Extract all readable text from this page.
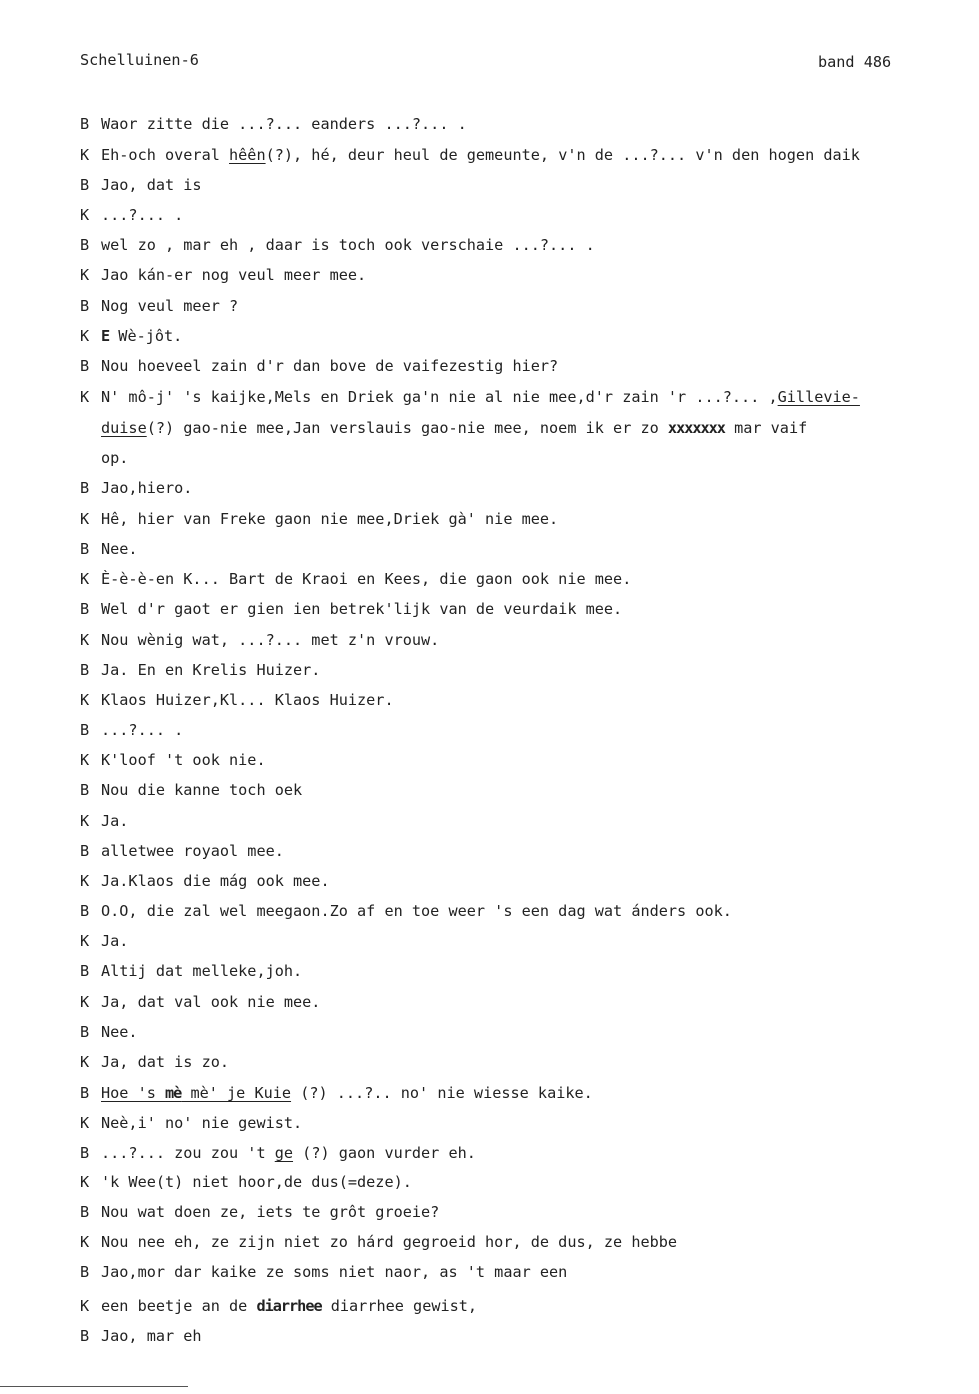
Schelluinen-6	band 486
B Waor zitte die ...?... eanders ...?... .
K Eh-och overal hêên(?), hé, deur heul de gemeunte, v'n de ...?... v'n den hogen daik
B Jao, dat is
K ...?... .
B wel zo , mar eh , daar is toch ook verschaie ...?... .
K Jao kán-er nog veul meer mee.
B Nog veul meer ?
K E Wè-jôt.
B Nou hoeveel zain d'r dan bove de vaifezestig hier?
K N' mô-j' 's kaijke,Mels en Driek ga'n nie al nie mee,d'r zain 'r ...?... ,Gillevie-
duise(?) gao-nie mee,Jan verslauis gao-nie mee, noem ik er zo xxxxxxx mar vaif
op.
B Jao,hiero.
K Hê, hier van Freke gaon nie mee,Driek gà' nie mee.
B Nee.
K È-è-è-en K... Bart de Kraoi en Kees, die gaon ook nie mee.
B Wel d'r gaot er gien ien betrek'lijk van de veurdaik mee.
K Nou wènig wat, ...?... met z'n vrouw.
B Ja. En en Krelis Huizer.
K Klaos Huizer,Kl... Klaos Huizer.
B ...?... .
K K'loof 't ook nie.
B Nou die kanne toch oek
K Ja.
B alletwee royaol mee.
K Ja.Klaos die mág ook mee.
B O.O, die zal wel meegaon.Zo af en toe weer 's een dag wat ánders ook.
K Ja.
B Altij dat melleke,joh.
K Ja, dat val ook nie mee.
B Nee.
K Ja, dat is zo.
B Hoe 's mè mè' je Kuie (?) ...?.. no' nie wiesse kaike.
K Neè,i' no' nie gewist.
B ...?... zou zou 't ge (?) gaon vurder eh.
K 'k Wee(t) niet hoor,de dus(=deze).
B Nou wat doen ze, iets te grôt groeie?
K Nou nee eh, ze zijn niet zo hárd gegroeid hor, de dus, ze hebbe
B Jao,mor dar kaike ze soms niet naor, as 't maar een
K een beetje an de diarrhee diarrhee gewist,
B Jao, mar eh
